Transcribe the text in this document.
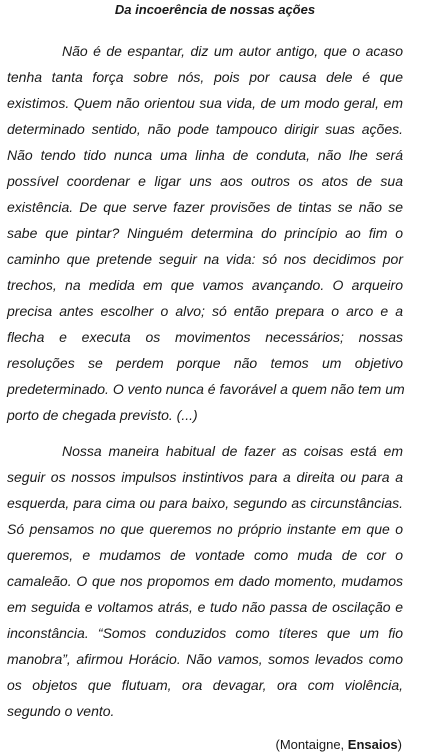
Da incoerência de nossas ações
Não é de espantar, diz um autor antigo, que o acaso
tenha tanta força sobre nós, pois por causa dele é que
existimos. Quem não orientou sua vida, de um modo geral, em
determinado sentido, não pode tampouco dirigir suas ações.
Não tendo tido nunca uma linha de conduta, não lhe será
possível coordenar e ligar uns aos outros os atos de sua
existência. De que serve fazer provisões de tintas se não se
sabe que pintar? Ninguém determina do princípio ao fim o
caminho que pretende seguir na vida: só nos decidimos por
trechos, na medida em que vamos avançando. O arqueiro
precisa antes escolher o alvo; só então prepara o arco e a
flecha e executa os movimentos necessários; nossas
resoluções se perdem porque não temos um objetivo
predeterminado. O vento nunca é favorável a quem não tem um
porto de chegada previsto. (...)
Nossa maneira habitual de fazer as coisas está em
seguir os nossos impulsos instintivos para a direita ou para a
esquerda, para cima ou para baixo, segundo as circunstâncias.
Só pensamos no que queremos no próprio instante em que o
queremos, e mudamos de vontade como muda de cor o
camaleão. O que nos propomos em dado momento, mudamos
em seguida e voltamos atrás, e tudo não passa de oscilação e
inconstância. “Somos conduzidos como títeres que um fio
manobra”, afirmou Horácio. Não vamos, somos levados como
os objetos que flutuam, ora devagar, ora com violência,
segundo o vento.
(Montaigne, Ensaios)
